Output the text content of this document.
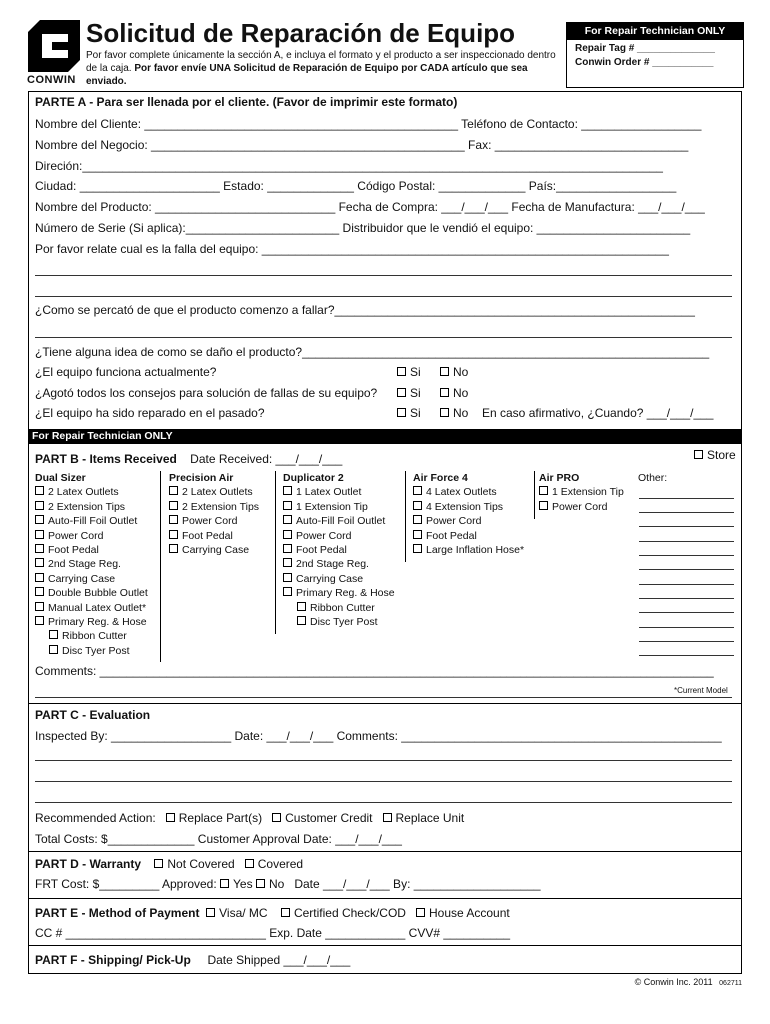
CONWIN
Solicitud de Reparación de Equipo
Por favor complete únicamente la sección A, e incluya el formato y el producto a ser inspeccionado dentro de la caja. Por favor envíe UNA Solicitud de Reparación de Equipo por CADA artículo que sea enviado.
For Repair Technician ONLY
Repair Tag # ______________
Conwin Order # ___________
PARTE A - Para ser llenada por el cliente. (Favor de imprimir este formato)
Nombre del Cliente: _______________________________________________ Teléfono de Contacto: __________________
Nombre del Negocio: _______________________________________________ Fax: _____________________________
Direción:_______________________________________________________________________________________
Ciudad: _____________________ Estado: _____________ Código Postal: _____________ País:__________________
Nombre del Producto: ___________________________ Fecha de Compra: ___/___/___ Fecha de Manufactura: ___/___/___
Número de Serie (Si aplica):_______________________ Distribuidor que le vendió el equipo: _______________________
Por favor relate cual es la falla del equipo: _____________________________________________________________
¿Como se percató de que el producto comenzo a fallar?______________________________________________________
¿Tiene alguna idea de como se daño el producto?_____________________________________________________________
¿El equipo funciona actualmente?	Si	No
¿Agotó todos los consejos para solución de fallas de su equipo?	Si	No
¿El equipo ha sido reparado en el pasado?	Si	No En caso afirmativo, ¿Cuando? ___/___/___
For Repair Technician ONLY
PART B - Items Received Date Received: ___/___/___	Store
Dual Sizer
2 Latex Outlets
2 Extension Tips
Auto-Fill Foil Outlet
Power Cord
Foot Pedal
2nd Stage Reg.
Carrying Case
Double Bubble Outlet
Manual Latex Outlet*
Primary Reg. & Hose
Ribbon Cutter
Disc Tyer Post
Precision Air
2 Latex Outlets
2 Extension Tips
Power Cord
Foot Pedal
Carrying Case
Duplicator 2
1 Latex Outlet
1 Extension Tip
Auto-Fill Foil Outlet
Power Cord
Foot Pedal
2nd Stage Reg.
Carrying Case
Primary Reg. & Hose
Ribbon Cutter
Disc Tyer Post
Air Force 4
4 Latex Outlets
4 Extension Tips
Power Cord
Foot Pedal
Large Inflation Hose*
Air PRO
1 Extension Tip
Power Cord
Other:
Comments: ____________________________________________________________________________________________
*Current Model
PART C - Evaluation
Inspected By: __________________ Date: ___/___/___ Comments: ________________________________________________
Recommended Action: Replace Part(s) Customer Credit Replace Unit
Total Costs: $_____________ Customer Approval Date: ___/___/___
PART D - Warranty Not Covered Covered
FRT Cost: $_________ Approved: Yes No Date ___/___/___ By: ___________________
PART E - Method of Payment Visa/ MC Certified Check/COD House Account
CC # ______________________________ Exp. Date ____________ CVV# __________
PART F - Shipping/ Pick-Up Date Shipped ___/___/___
© Conwin Inc. 2011 062711
